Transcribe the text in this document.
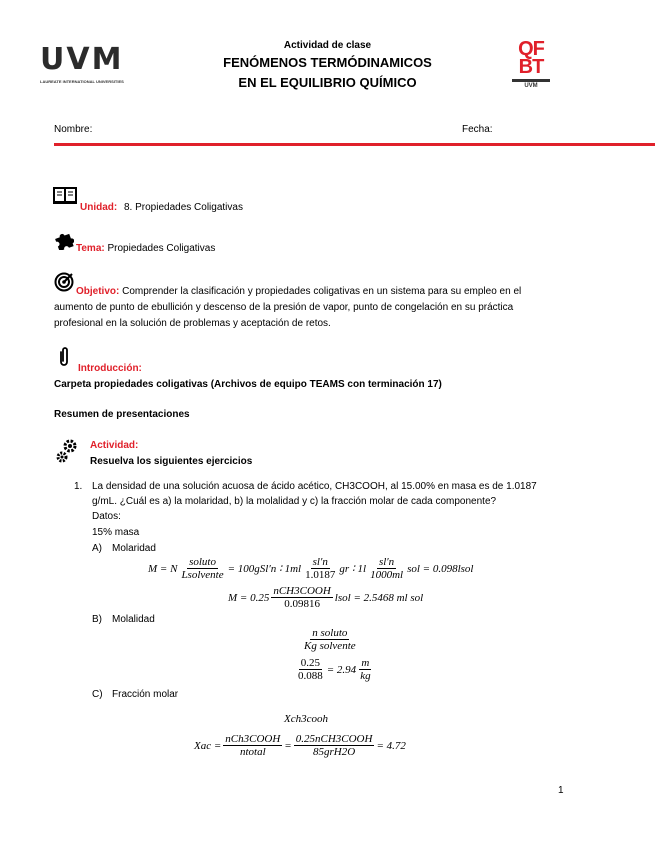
UVM
LAUREATE INTERNATIONAL UNIVERSITIES
Actividad de clase
FENÓMENOS TERMÓDINAMICOS
EN EL EQUILIBRIO QUÍMICO
QF
BT
UVM
Nombre:	Fecha:
Unidad: 8. Propiedades Coligativas
Tema: Propiedades Coligativas
Objetivo: Comprender la clasificación y propiedades coligativas en un sistema para su empleo en el
aumento de punto de ebullición y descenso de la presión de vapor, punto de congelación en su práctica
profesional en la solución de problemas y aceptación de retos.
Introducción:
Carpeta propiedades coligativas (Archivos de equipo TEAMS con terminación 17)
Resumen de presentaciones
Actividad:
Resuelva los siguientes ejercicios
1. La densidad de una solución acuosa de ácido acético, CH3COOH, al 15.00% en masa es de 1.0187
g/mL. ¿Cuál es a) la molaridad, b) la molalidad y c) la fracción molar de cada componente?
Datos:
15% masa
A) Molaridad
M = N $\frac{\text{soluto}}{\text{Lsolvente}} = 100gSl'n$ ∶ $1ml \frac{sl'n}{1.0187}$ gr ∶ $1l \frac{sl'n}{1000ml}$ sol = 0.098lsol
$M = 0.25 \frac{\text{nCH3COOH}}{0.09816}$ lsol = 2.5468 ml sol
B) Molalidad
$\frac{\text{n soluto}}{\text{Kg solvente}}$
$\frac{0.25}{0.088} = 2.94 \frac{m}{kg}$
C) Fracción molar
Xch3cooh
Xac = $\frac{\text{nCh3COOH}}{\text{ntotal}} = \frac{\text{0.25nCH3COOH}}{\text{85grH2O}} = 4.72$
1
